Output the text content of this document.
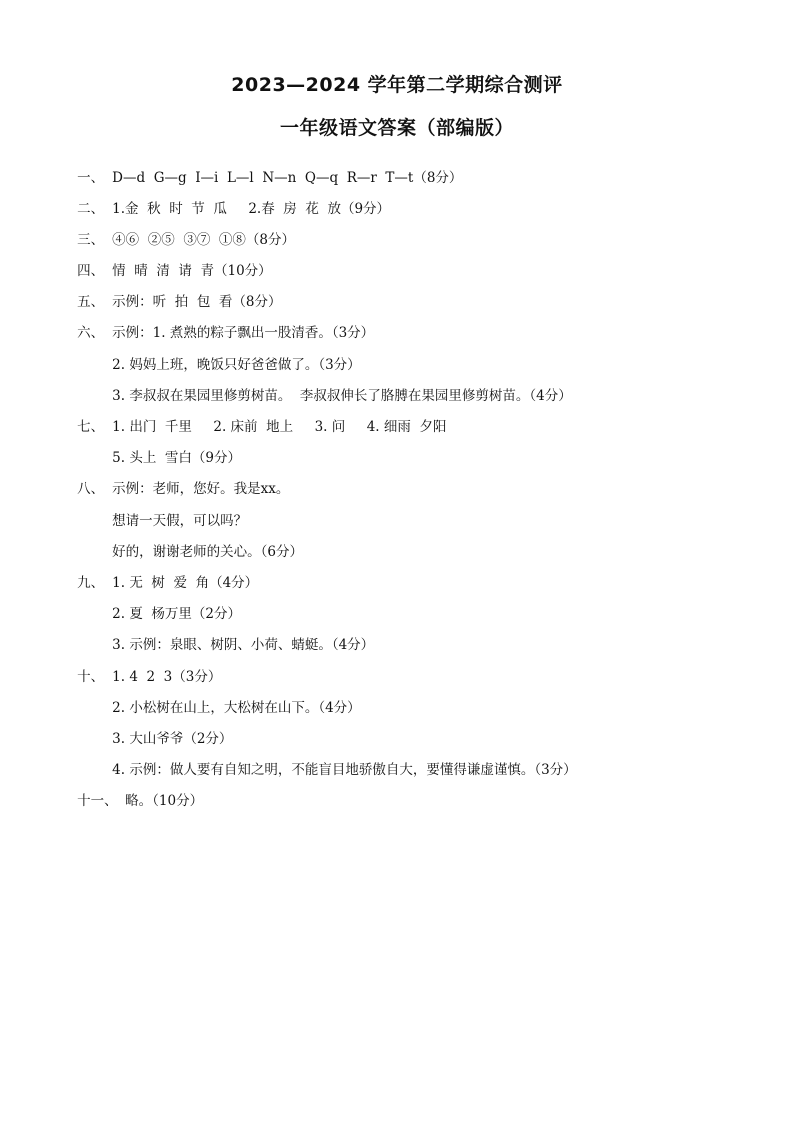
2023—2024 学年第二学期综合测评
一年级语文答案（部编版）

一、 D—d  G—g  I—i  L—l  N—n  Q—q  R—r  T—t（8分）

二、 1.金  秋  时  节  瓜     2.春  房  花  放（9分）

三、 ④⑥  ②⑤  ③⑦  ①⑧（8分）

四、 情  晴  清  请  青（10分）

五、 示例：听  拍  包  看（8分）

六、 示例：1. 煮熟的粽子飘出一股清香。（3分）

2. 妈妈上班，晚饭只好爸爸做了。（3分）

3. 李叔叔在果园里修剪树苗。  李叔叔伸长了胳膊在果园里修剪树苗。（4分）

七、 1. 出门  千里     2. 床前  地上     3. 问     4. 细雨  夕阳

5. 头上  雪白（9分）

八、 示例：老师，您好。我是xx。

想请一天假，可以吗？

好的，谢谢老师的关心。（6分）

九、 1. 无  树  爱  角（4分）

2. 夏  杨万里（2分）

3. 示例：泉眼、树阴、小荷、蜻蜓。（4分）

十、 1. 4  2  3（3分）

2. 小松树在山上，大松树在山下。（4分）

3. 大山爷爷（2分）

4. 示例：做人要有自知之明，不能盲目地骄傲自大，要懂得谦虚谨慎。（3分）

十一、 略。（10分）
